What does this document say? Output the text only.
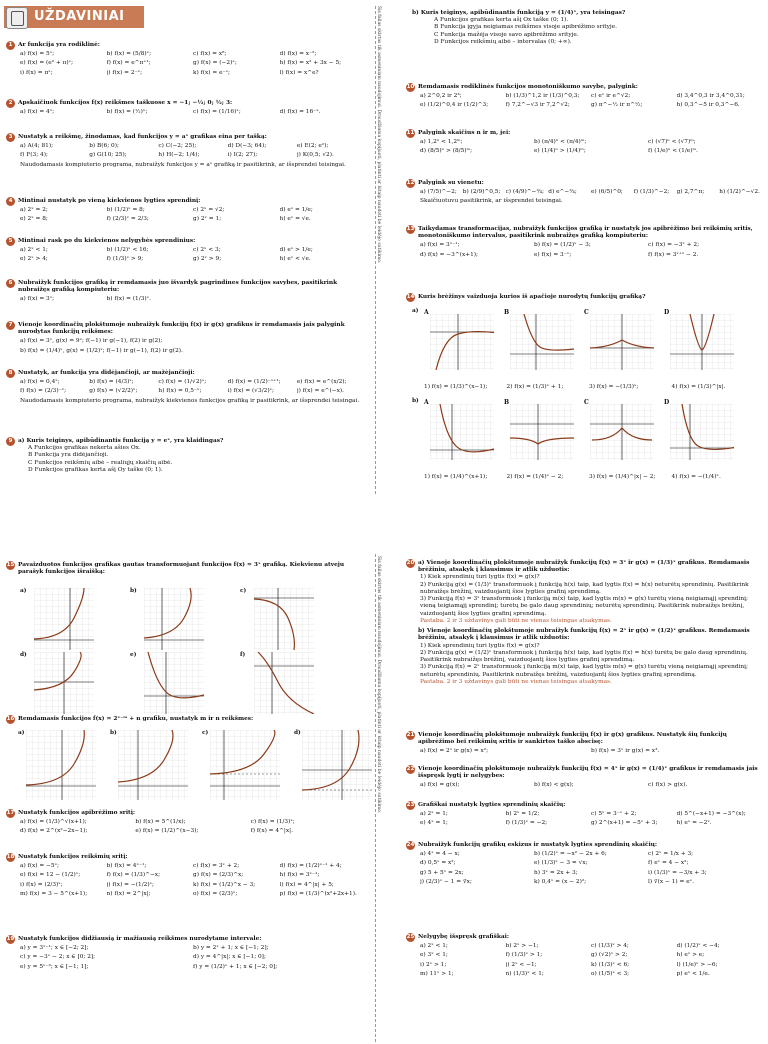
UŽDAVINIAI
1 Ar funkcija yra rodiklinė:
a) f(x) = 5ˣ;	b) f(x) = (5/8)ˣ;	c) f(x) = x⁸;	d) f(x) = x⁻²;
e) f(x) = (e² + π)ˣ;	f) f(x) = e^π⁺¹;	g) f(x) = (−2)ˣ;	h) f(x) = x² + 3x − 5;
i) f(x) = πˣ;	j) f(x) = 2⁻ˣ;	k) f(x) = e⁻ˣ;	l) f(x) = x^e?
2 Apskaičiuok funkcijos f(x) reikšmes taškuose x = −1; −½; 0; ½; 3:
a) f(x) = 4ˣ;	b) f(x) = (½)ˣ;	c) f(x) = (1/16)ˣ;	d) f(x) = 16⁻ˣ.
3 Nustatyk a reikšmę, žinodamas, kad funkcijos y = aˣ grafikas eina per tašką:
a) A(4; 81);	b) B(6; 0);	c) C(−2; 25);	d) D(−3; 64);	e) E(2; e²);
f) F(3; 4);	g) G(10; 25);	h) H(−2; 1/4);	i) I(2; 27);	j) K(0,5; √2).
Naudodamasis kompiuterio programa, nubraižyk funkcijos y = aˣ grafiką ir pasitikrink, ar išsprendei teisingai.
4 Mintinai nustatyk po vieną kiekvienos lygties sprendinį:
a) 2ˣ = 2;	b) (1/2)ˣ = 8;	c) 2ˣ = √2;	d) eˣ = 1/e;
e) 2ˣ = 8;	f) (2/3)ˣ = 2/3;	g) 2ˣ = 1;	h) eˣ = √e.
5 Mintinai rask po du kiekvienos nelygybės sprendinius:
a) 2ˣ < 1;	b) (1/2)ˣ < 16;	c) 2ˣ < 3;	d) eˣ > 1/e;
e) 2ˣ > 4;	f) (1/3)ˣ > 9;	g) 2ˣ > 9;	h) eˣ < √e.
6 Nubraižyk funkcijos grafiką ir remdamasis juo išvardyk pagrindines funkcijos savybes, pasitikrink nubraižęs grafiką kompiuteriu:
a) f(x) = 3ˣ;	b) f(x) = (1/3)ˣ.
7 Vienoje koordinačių plokštumoje nubraižyk funkcijų f(x) ir g(x) grafikus ir remdamasis jais palygink nurodytas funkcijų reikšmes:
a) f(x) = 3ˣ, g(x) = 9ˣ; f(−1) ir g(−1), f(2) ir g(2);
b) f(x) = (1/4)ˣ, g(x) = (1/2)ˣ; f(−1) ir g(−1), f(2) ir g(2).
8 Nustatyk, ar funkcija yra didėjančioji, ar mažėjančioji:
a) f(x) = 0,4ˣ;	b) f(x) = (4/3)ˣ;	c) f(x) = (1/√2)ˣ;	d) f(x) = (1/2)⁻ˣ⁺¹;	e) f(x) = e^(x/2);
f) f(x) = (2/3)⁻ˣ;	g) f(x) = (√2/2)ˣ;	h) f(x) = 0,5⁻ˣ;	i) f(x) = (√3/2)ˣ;	j) f(x) = e^(−x).
Naudodamasis kompiuterio programa, nubraižyk kiekvienos funkcijos grafiką ir pasitikrink, ar išsprendei teisingai.
9 a) Kuris teiginys, apibūdinantis funkciją y = eˣ, yra klaidingas?
A Funkcijos grafikas nekerta ašies Ox.
B Funkcija yra didėjančioji.
C Funkcijos reikšmių aibė – realiųjų skaičių aibė.
D Funkcijos grafikas kerta ašį Oy taške (0; 1).
b) Kuris teiginys, apibūdinantis funkciją y = (1/4)ˣ, yra teisingas?
A Funkcijos grafikas kerta ašį Ox taške (0; 1).
B Funkcija įgyja neigiamas reikšmes visoje apibrėžimo srityje.
C Funkcija mažėja visoje savo apibrėžimo srityje.
D Funkcijos reikšmių aibė – intervalas (0; +∞).
10 Remdamasis rodiklinės funkcijos monotoniškumo savybe, palygink:
a) 2^0,2 ir 2³;	b) (1/3)^1,2 ir (1/3)^0,3;	c) eˣ ir e^√2;	d) 3,4^0,3 ir 3,4^0,31;
e) (1/2)^0,4 ir (1/2)^3;	f) 7,2^−√3 ir 7,2^√2;	g) π^−½ ir π^½;	h) 0,3^−5 ir 0,3^−6.
11 Palygink skaičius n ir m, jei:
a) 1,2ⁿ < 1,2ᵐ;	b) (π/4)ⁿ < (π/4)ᵐ;	c) (√7)ⁿ < (√7)ᵐ;
d) (8/5)ⁿ > (8/5)ᵐ;	e) (1/4)ⁿ > (1/4)ᵐ;	f) (1/e)ⁿ < (1/e)ᵐ.
12 Palygink su vienetu:
a) (7/5)^−2;	b) (2/9)^0,5; c) (4/9)^−¾; d) e^−¾;	e) (6/5)^0;	f) (1/3)^−2;	g) 2,7^π;	h) (1/2)^−√2.
Skaičiuotuvu pasitikrink, ar išsprendei teisingai.
13 Taikydamas transformacijas, nubraižyk funkcijos grafiką ir nustatyk jos apibrėžimo bei reikšmių sritis, monotoniškumo intervalus, pasitikrink nubraižęs grafiką kompiuteriu:
a) f(x) = 3ˣ⁻¹;	b) f(x) = (1/2)ˣ − 3;	c) f(x) = −3ˣ + 2;
d) f(x) = −3^(x+1);	e) f(x) = 3⁻ˣ;	f) f(x) = 3ˣ⁺¹ − 2.
14 Kuris brėžinys vaizduoja kurios iš apačioje nurodytų funkcijų grafiką?
a) A	B	C	D
1) f(x) = (1/3)^(x−1);	2) f(x) = (1/3)ˣ + 1;	3) f(x) = −(1/3)ˣ;	4) f(x) = (1/3)^|x|.
b) A	B	C	D
1) f(x) = (1/4)^(x+1);	2) f(x) = (1/4)ˣ − 2;	3) f(x) = (1/4)^|x| − 2;	4) f(x) = −(1/4)ˣ.
15 Pavaizduotos funkcijos grafikas gautas transformuojant funkcijos f(x) = 3ˣ grafiką. Kiekvienu atveju parašyk funkcijos išraišką:
a)	b)	c)
d)	e)	f)
16 Remdamasis funkcijos f(x) = 2ˣ⁻ᵐ + n grafiku, nustatyk m ir n reikšmes:
a)	b)	c)	d)
17 Nustatyk funkcijos apibrėžimo sritį:
a) f(x) = (1/3)^√(x+1);	b) f(x) = 5^(1/x);	c) f(x) = (1/3)ˣ;
d) f(x) = 2^(x²−2x−1);	e) f(x) = (1/2)^(x−3);	f) f(x) = 4^|x|.
18 Nustatyk funkcijos reikšmių sritį:
a) f(x) = −5ˣ;	b) f(x) = 4ˣ⁻¹;	c) f(x) = 3ˣ + 2;	d) f(x) = (1/2)ˣ⁻¹ + 4;
e) f(x) = 12 − (1/2)ˣ;	f) f(x) = (1/3)^−x;	g) f(x) = (2/3)^x;	h) f(x) = 3ˣ⁻¹;
i) f(x) = (2/3)ˣ;	j) f(x) = −(1/2)ˣ;	k) f(x) = (1/2)^x − 3;	l) f(x) = 4^|x| + 5;
m) f(x) = 3 − 5^(x+1);	n) f(x) = 2^|x|;	o) f(x) = (2/3)ˣ;	p) f(x) = (1/3)^(x²+2x+1).
19 Nustatyk funkcijos didžiausią ir mažiausią reikšmes nurodytame intervale:
a) y = 3ˣ⁻¹; x ∈ [−2; 2];	b) y = 2ˣ + 1; x ∈ [−1; 2];
c) y = −3ˣ − 2; x ∈ [0; 2];	d) y = 4^|x|; x ∈ [−1; 0];
e) y = 5ˣ⁻³; x ∈ [−1; 1];	f) y = (1/2)ˣ + 1; x ∈ [−2; 0];
20 a) Vienoje koordinačių plokštumoje nubraižyk funkcijų f(x) = 3ˣ ir g(x) = (1/3)ˣ grafikus. Remdamasis brėžiniu, atsakyk į klausimus ir atlik užduotis:
1) Kiek sprendinių turi lygtis f(x) = g(x)?
2) Funkciją g(x) = (1/3)ˣ transformuok į funkciją h(x) taip, kad lygtis f(x) = h(x) neturėtų sprendinių. Pasitikrink nubraižęs brėžinį, vaizduojantį šios lygties grafinį sprendimą.
3) Funkciją f(x) = 3ˣ transformuok į funkciją m(x) taip, kad lygtis m(x) = g(x) turėtų vieną neigiamąjį sprendinį; vieną teigiamąjį sprendinį; turėtų be galo daug sprendinių; neturėtų sprendinių. Pasitikrink nubraižęs brėžinį, vaizduojantį šios lygties grafinį sprendimą.
Pastaba. 2 ir 3 uždavinys gali būti ne vienas teisingas atsakymas.
b) Vienoje koordinačių plokštumoje nubraižyk funkcijų f(x) = 2ˣ ir g(x) = (1/2)ˣ grafikus. Remdamasis brėžiniu, atsakyk į klausimus ir atlik užduotis:
1) Kiek sprendinių turi lygtis f(x) = g(x)?
2) Funkciją g(x) = (1/2)ˣ transformuok į funkciją h(x) taip, kad lygtis f(x) = h(x) turėtų be galo daug sprendinių. Pasitikrink nubraižęs brėžinį, vaizduojantį šios lygties grafinį sprendimą.
3) Funkciją f(x) = 2ˣ transformuok į funkciją m(x) taip, kad lygtis m(x) = g(x) turėtų vieną neigiamąjį sprendinį; neturėtų sprendinių. Pasitikrink nubraižęs brėžinį, vaizduojantį šios lygties grafinį sprendimą.
Pastaba. 2 ir 3 uždavinys gali būti ne vienas teisingas atsakymas.
21 Vienoje koordinačių plokštumoje nubraižyk funkcijų f(x) ir g(x) grafikus. Nustatyk šių funkcijų apibrėžimo bei reikšmių sritis ir sankirtos taško abscisę:
a) f(x) = 2ˣ ir g(x) = x²;	b) f(x) = 3ˣ ir g(x) = x³.
22 Vienoje koordinačių plokštumoje nubraižyk funkcijų f(x) = 4ˣ ir g(x) = (1/4)ˣ grafikus ir remdamasis jais išspręsk lygtį ir nelygybes:
a) f(x) = g(x);	b) f(x) < g(x);	c) f(x) > g(x).
23 Grafiškai nustatyk lygties sprendinių skaičių:
a) 2ˣ = 1;	b) 2ˣ = 1/2;	c) 5ˣ = 3⁻ˣ + 2;	d) 5^(−x+1) = −3^(x);
e) 4ˣ = 1;	f) (1/3)ˣ = −2;	g) 2^(x+1) = −5ˣ + 3;	h) eˣ = −2ˣ.
24 Nubraižyk funkcijų grafikų eskizus ir nustatyk lygties sprendinių skaičių:
a) 4ˣ = 4 − x;	b) (1/2)ˣ = −x² − 2x + 6;	c) 2ˣ = 1/x + 3;
d) 0,5ˣ = x²;	e) (1/3)ˣ − 3 = √x;	f) eˣ = 4 − x²;
g) 5 + 5ˣ = 2x;	h) 3ˣ = 2x + 3;	i) (1/3)ˣ = −3/x + 3;
j) (2/3)ˣ − 1 = ∛x;	k) 0,4ˣ = (x − 2)²;	l) ∛(x − 1) = eˣ.
25 Nelygybę išspręsk grafiškai:
a) 2ˣ < 1;	b) 2ˣ > −1;	c) (1/3)ˣ > 4;	d) (1/2)ˣ < −4;
e) 3ˣ < 1;	f) (1/3)ˣ > 1;	g) (√2)ˣ > 2;	h) eˣ > e;
i) 2ˣ > 1;	j) 2ˣ < −1;	k) (1/3)ˣ < 6;	l) (1/e)ˣ > −6;
m) 11ˣ > 1;	n) (1/3)ˣ < 1;	o) (1/5)ˣ < 3;	p) eˣ < 1/e.
Šis failas skirtas tik asmeniniam naudojimui. Draudžiama kopijuoti, platinti ar kitaip naudoti be leidėjo sutikimo.
Šis failas skirtas tik asmeniniam naudojimui. Draudžiama kopijuoti, platinti ar kitaip naudoti be leidėjo sutikimo.
